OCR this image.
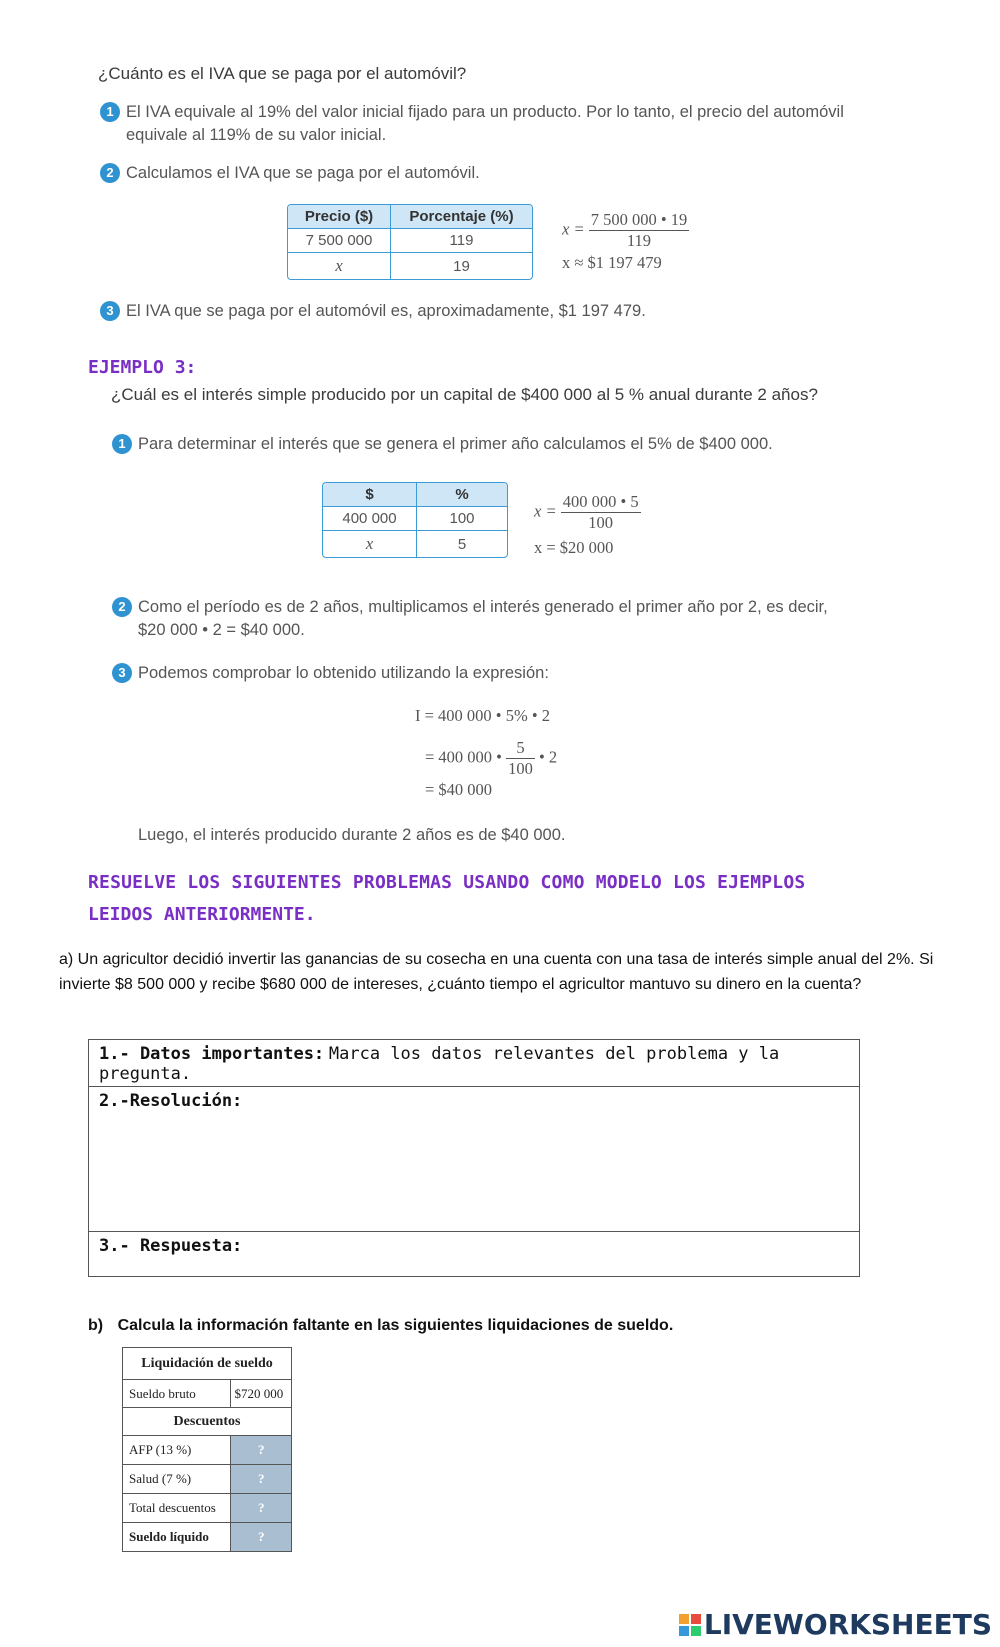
¿Cuánto es el IVA que se paga por el automóvil?
1 El IVA equivale al 19% del valor inicial fijado para un producto. Por lo tanto, el precio del automóvil equivale al 119% de su valor inicial.
2 Calculamos el IVA que se paga por el automóvil.
Precio ($)	Porcentaje (%)
7 500 000	119
x	19
$x = \frac{7 500 000 • 19}{119}$
x ≈ $1 197 479
3 El IVA que se paga por el automóvil es, aproximadamente, $1 197 479.
EJEMPLO 3:
¿Cuál es el interés simple producido por un capital de $400 000 al 5 % anual durante 2 años?
1 Para determinar el interés que se genera el primer año calculamos el 5% de $400 000.
$	%
400 000	100
x	5
$x = \frac{400 000 • 5}{100}$
x = $20 000
2 Como el período es de 2 años, multiplicamos el interés generado el primer año por 2, es decir, $20 000 • 2 = $40 000.
3 Podemos comprobar lo obtenido utilizando la expresión:
I = 400 000 • 5% • 2
= 400 000 • $\frac{5}{100}$ • 2
= $40 000
Luego, el interés producido durante 2 años es de $40 000.
RESUELVE LOS SIGUIENTES PROBLEMAS USANDO COMO MODELO LOS EJEMPLOS
LEIDOS ANTERIORMENTE.
a) Un agricultor decidió invertir las ganancias de su cosecha en una cuenta con una tasa de interés simple anual del 2%. Si invierte $8 500 000 y recibe $680 000 de intereses, ¿cuánto tiempo el agricultor mantuvo su dinero en la cuenta?
1.- Datos importantes: Marca los datos relevantes del problema y la pregunta.
2.-Resolución:
3.- Respuesta:
b) Calcula la información faltante en las siguientes liquidaciones de sueldo.
Liquidación de sueldo	
Sueldo bruto	$720 000
Descuentos	
AFP (13 %)	?
Salud (7 %)	?
Total descuentos	?
Sueldo líquido	?
LIVEWORKSHEETS
